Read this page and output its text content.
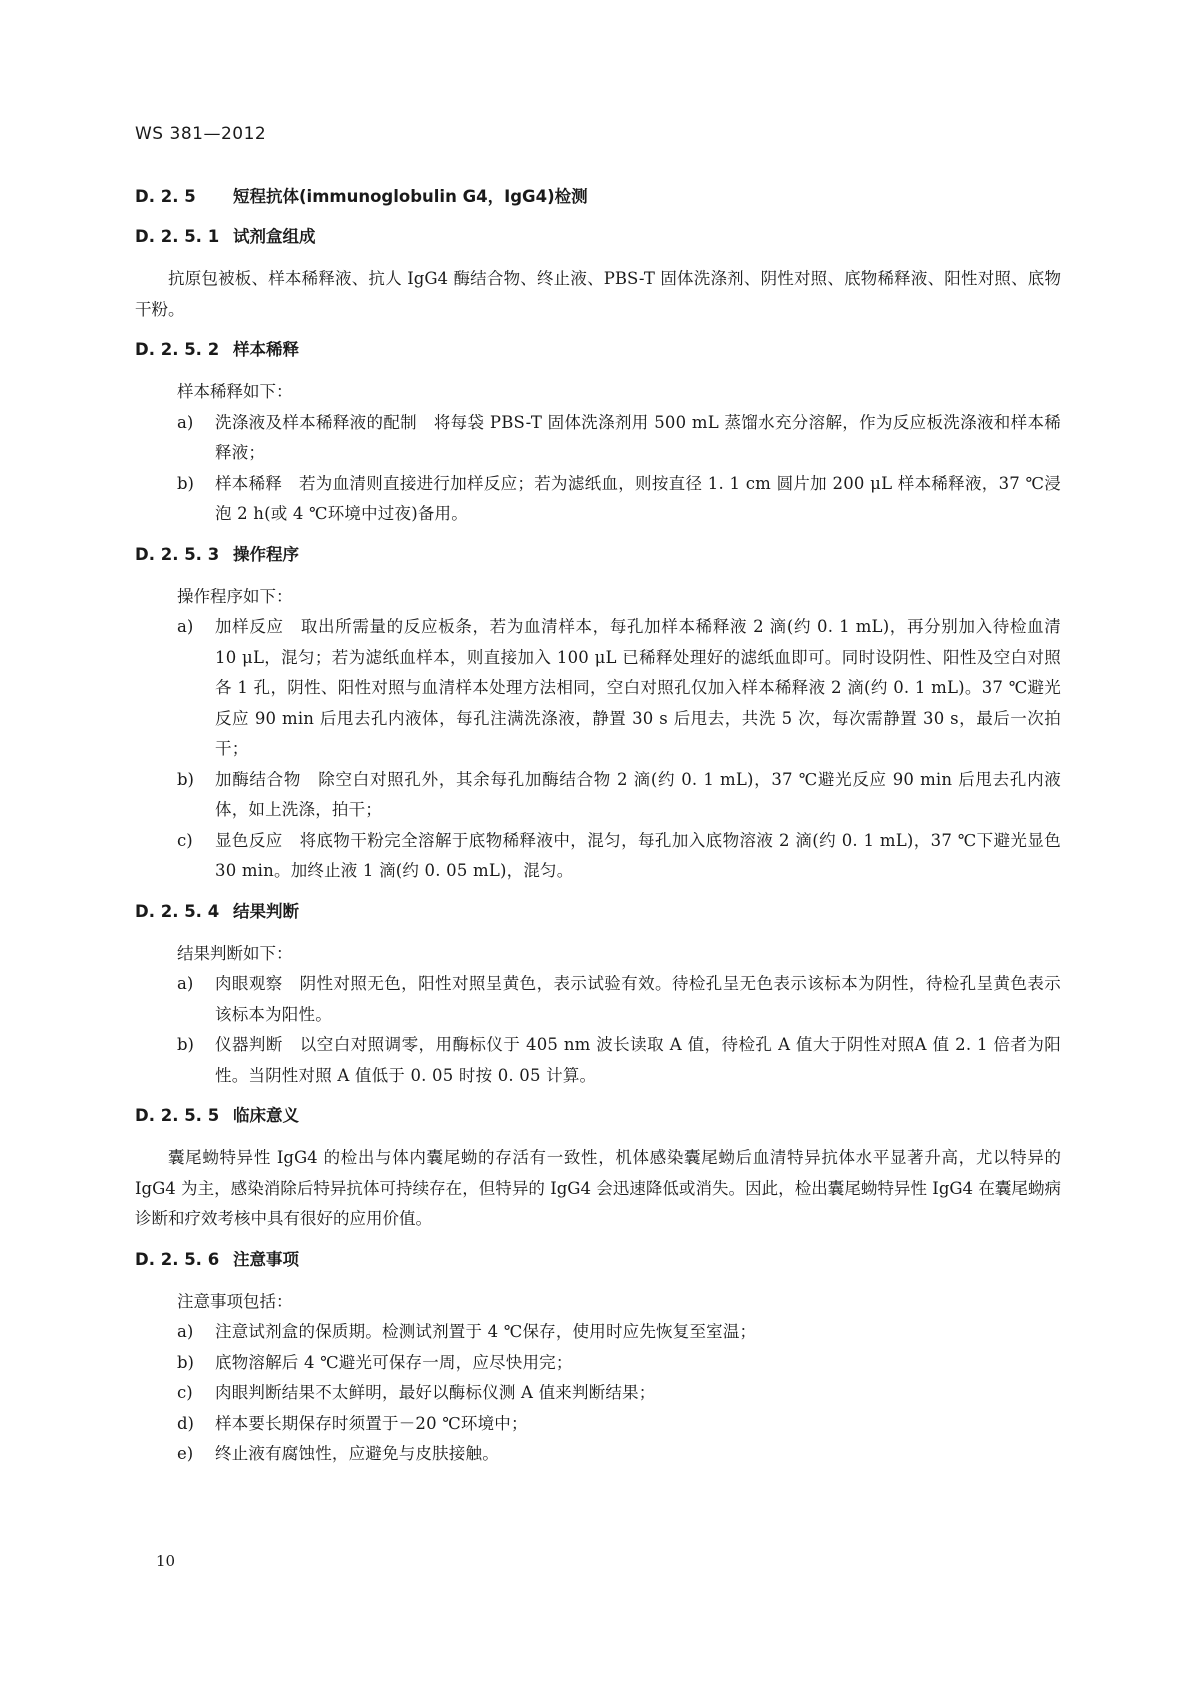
WS 381—2012
D. 2. 5 短程抗体(immunoglobulin G4，IgG4)检测
D. 2. 5. 1 试剂盒组成

抗原包被板、样本稀释液、抗人 IgG4 酶结合物、终止液、PBS-T 固体洗涤剂、阴性对照、底物稀释液、阳性对照、底物干粉。

D. 2. 5. 2 样本稀释
样本稀释如下：
a) 洗涤液及样本稀释液的配制　将每袋 PBS-T 固体洗涤剂用 500 mL 蒸馏水充分溶解，作为反应板洗涤液和样本稀释液；
b) 样本稀释　若为血清则直接进行加样反应；若为滤纸血，则按直径 1. 1 cm 圆片加 200 μL 样本稀释液，37 ℃浸泡 2 h(或 4 ℃环境中过夜)备用。
D. 2. 5. 3 操作程序
操作程序如下：
a) 加样反应　取出所需量的反应板条，若为血清样本，每孔加样本稀释液 2 滴(约 0. 1 mL)，再分别加入待检血清 10 μL，混匀；若为滤纸血样本，则直接加入 100 μL 已稀释处理好的滤纸血即可。同时设阴性、阳性及空白对照各 1 孔，阴性、阳性对照与血清样本处理方法相同，空白对照孔仅加入样本稀释液 2 滴(约 0. 1 mL)。37 ℃避光反应 90 min 后甩去孔内液体，每孔注满洗涤液，静置 30 s 后甩去，共洗 5 次，每次需静置 30 s，最后一次拍干；
b) 加酶结合物　除空白对照孔外，其余每孔加酶结合物 2 滴(约 0. 1 mL)，37 ℃避光反应 90 min 后甩去孔内液体，如上洗涤，拍干；
c) 显色反应　将底物干粉完全溶解于底物稀释液中，混匀，每孔加入底物溶液 2 滴(约 0. 1 mL)，37 ℃下避光显色 30 min。加终止液 1 滴(约 0. 05 mL)，混匀。
D. 2. 5. 4 结果判断
结果判断如下：
a) 肉眼观察　阴性对照无色，阳性对照呈黄色，表示试验有效。待检孔呈无色表示该标本为阴性，待检孔呈黄色表示该标本为阳性。
b) 仪器判断　以空白对照调零，用酶标仪于 405 nm 波长读取 A 值，待检孔 A 值大于阴性对照A 值 2. 1 倍者为阳性。当阴性对照 A 值低于 0. 05 时按 0. 05 计算。
D. 2. 5. 5 临床意义

囊尾蚴特异性 IgG4 的检出与体内囊尾蚴的存活有一致性，机体感染囊尾蚴后血清特异抗体水平显著升高，尤以特异的 IgG4 为主，感染消除后特异抗体可持续存在，但特异的 IgG4 会迅速降低或消失。因此，检出囊尾蚴特异性 IgG4 在囊尾蚴病诊断和疗效考核中具有很好的应用价值。

D. 2. 5. 6 注意事项
注意事项包括：
a) 注意试剂盒的保质期。检测试剂置于 4 ℃保存，使用时应先恢复至室温；
b) 底物溶解后 4 ℃避光可保存一周，应尽快用完；
c) 肉眼判断结果不太鲜明，最好以酶标仪测 A 值来判断结果；
d) 样本要长期保存时须置于－20 ℃环境中；
e) 终止液有腐蚀性，应避免与皮肤接触。
10
